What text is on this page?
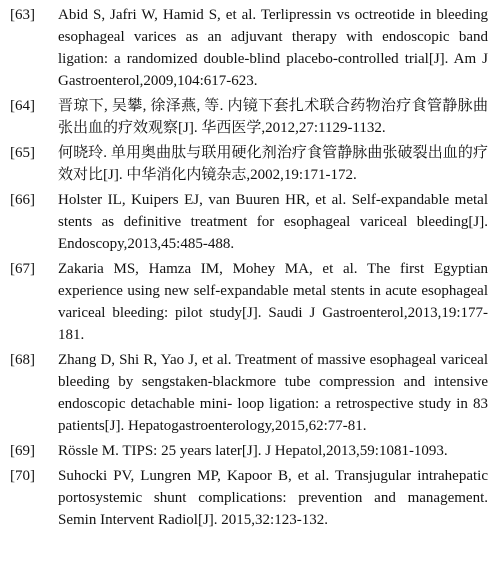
[63]	Abid S, Jafri W, Hamid S, et al. Terlipressin vs octreotide in bleeding esophageal varices as an adjuvant therapy with endoscopic band ligation: a randomized double-blind placebo-controlled trial[J]. Am J Gastroenterol,2009,104:617-623.
[64]	晋琼下, 吴攀, 徐泽燕, 等. 内镜下套扎术联合药物治疗食管静脉曲张出血的疗效观察[J]. 华西医学,2012,27:1129-1132.
[65]	何晓玲. 单用奥曲肽与联用硬化剂治疗食管静脉曲张破裂出血的疗效对比[J]. 中华消化内镜杂志,2002,19:171-172.
[66]	Holster IL, Kuipers EJ, van Buuren HR, et al. Self-expandable metal stents as definitive treatment for esophageal variceal bleeding[J]. Endoscopy,2013,45:485-488.
[67]	Zakaria MS, Hamza IM, Mohey MA, et al. The first Egyptian experience using new self-expandable metal stents in acute esophageal variceal bleeding: pilot study[J]. Saudi J Gastroenterol,2013,19:177-181.
[68]	Zhang D, Shi R, Yao J, et al. Treatment of massive esophageal variceal bleeding by sengstaken-blackmore tube compression and intensive endoscopic detachable mini- loop ligation: a retrospective study in 83 patients[J]. Hepatogastroenterology,2015,62:77-81.
[69]	Rössle M. TIPS: 25 years later[J]. J Hepatol,2013,59:1081-1093.
[70]	Suhocki PV, Lungren MP, Kapoor B, et al. Transjugular intrahepatic portosystemic shunt complications: prevention and management. Semin Intervent Radiol[J]. 2015,32:123-132.
